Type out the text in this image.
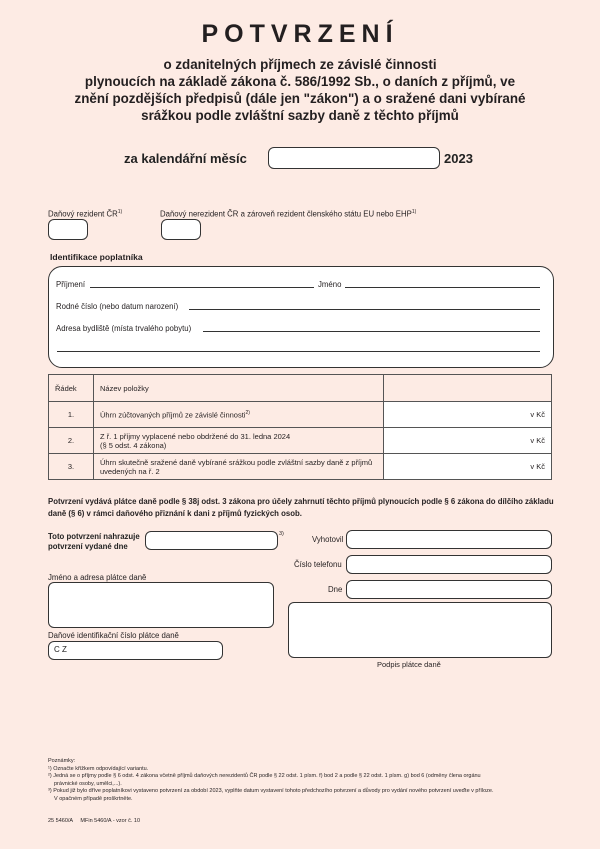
POTVRZENÍ
o zdanitelných příjmech ze závislé činnosti
plynoucích na základě zákona č. 586/1992 Sb., o daních z příjmů, ve
znění pozdějších předpisů (dále jen "zákon") a o sražené dani vybírané
srážkou podle zvláštní sazby daně z těchto příjmů
za kalendářní měsíc	2023
Daňový rezident ČR$^{1)}$	Daňový nerezident ČR a zároveň rezident členského státu EU nebo EHP$^{1)}$
Identifikace poplatníka
Příjmení	Jméno
Rodné číslo (nebo datum narození)
Adresa bydliště (místa trvalého pobytu)
Řádek	Název položky	
1.	Úhrn zúčtovaných příjmů ze závislé činnosti$^{2)}$	v Kč
2.	Z ř. 1 příjmy vyplacené nebo obdržené do 31. ledna 2024
(§ 5 odst. 4 zákona)	v Kč
3.	Úhrn skutečně sražené daně vybírané srážkou podle zvláštní sazby daně z příjmů
uvedených na ř. 2	v Kč
Potvrzení vydává plátce daně podle § 38j odst. 3 zákona pro účely zahrnutí těchto příjmů plynoucích podle § 6 zákona do dílčího základu daně (§ 6) v rámci daňového přiznání k dani z příjmů fyzických osob.
Toto potvrzení nahrazuje
potvrzení vydané dne
3)
Vyhotovil
Číslo telefonu
Dne
Podpis plátce daně
Jméno a adresa plátce daně
Daňové identifikační číslo plátce daně
C Z
Poznámky:
¹) Označte křížkem odpovídající variantu.
²) Jedná se o příjmy podle § 6 odst. 4 zákona včetně příjmů daňových nerezidentů ČR podle § 22 odst. 1 písm. f) bod 2 a podle § 22 odst. 1 písm. g) bod 6 (odměny člena orgánu
právnické osoby, umělci,...).
³) Pokud již bylo dříve poplatníkovi vystaveno potvrzení za období 2023, vyplňte datum vystavení tohoto předchozího potvrzení a důvody pro vydání nového potvrzení uveďte v příloze.
V opačném případě proškrtněte.
25 5460/A     MFin 5460/A - vzor č. 10
